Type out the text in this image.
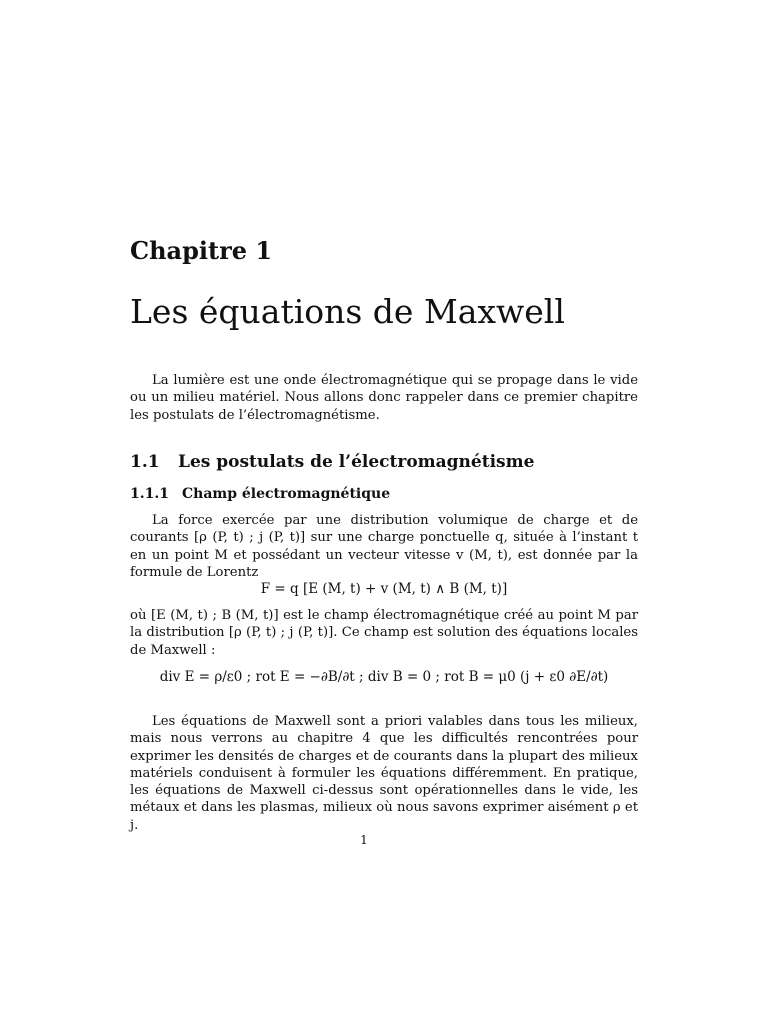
Chapitre 1
Les équations de Maxwell

La lumière est une onde électromagnétique qui se propage dans le vide ou un milieu matériel. Nous allons donc rappeler dans ce premier chapitre les postulats de l’électromagnétisme.

1.1 Les postulats de l’électromagnétisme
1.1.1 Champ électromagnétique

La force exercée par une distribution volumique de charge et de courants [ρ (P, t) ; j (P, t)] sur une charge ponctuelle q, située à l’instant t en un point M et possédant un vecteur vitesse v (M, t), est donnée par la formule de Lorentz

F = q [E (M, t) + v (M, t) ∧ B (M, t)]

où [E (M, t) ; B (M, t)] est le champ électromagnétique créé au point M par la distribution [ρ (P, t) ; j (P, t)]. Ce champ est solution des équations locales de Maxwell :

div E = ρ/ε0 ; rot E = −∂B/∂t ; div B = 0 ; rot B = μ0 (j + ε0 ∂E/∂t)

Les équations de Maxwell sont a priori valables dans tous les milieux, mais nous verrons au chapitre 4 que les difficultés rencontrées pour exprimer les densités de charges et de courants dans la plupart des milieux matériels conduisent à formuler les équations différemment. En pratique, les équations de Maxwell ci-dessus sont opérationnelles dans le vide, les métaux et dans les plasmas, milieux où nous savons exprimer aisément ρ et j.

1
